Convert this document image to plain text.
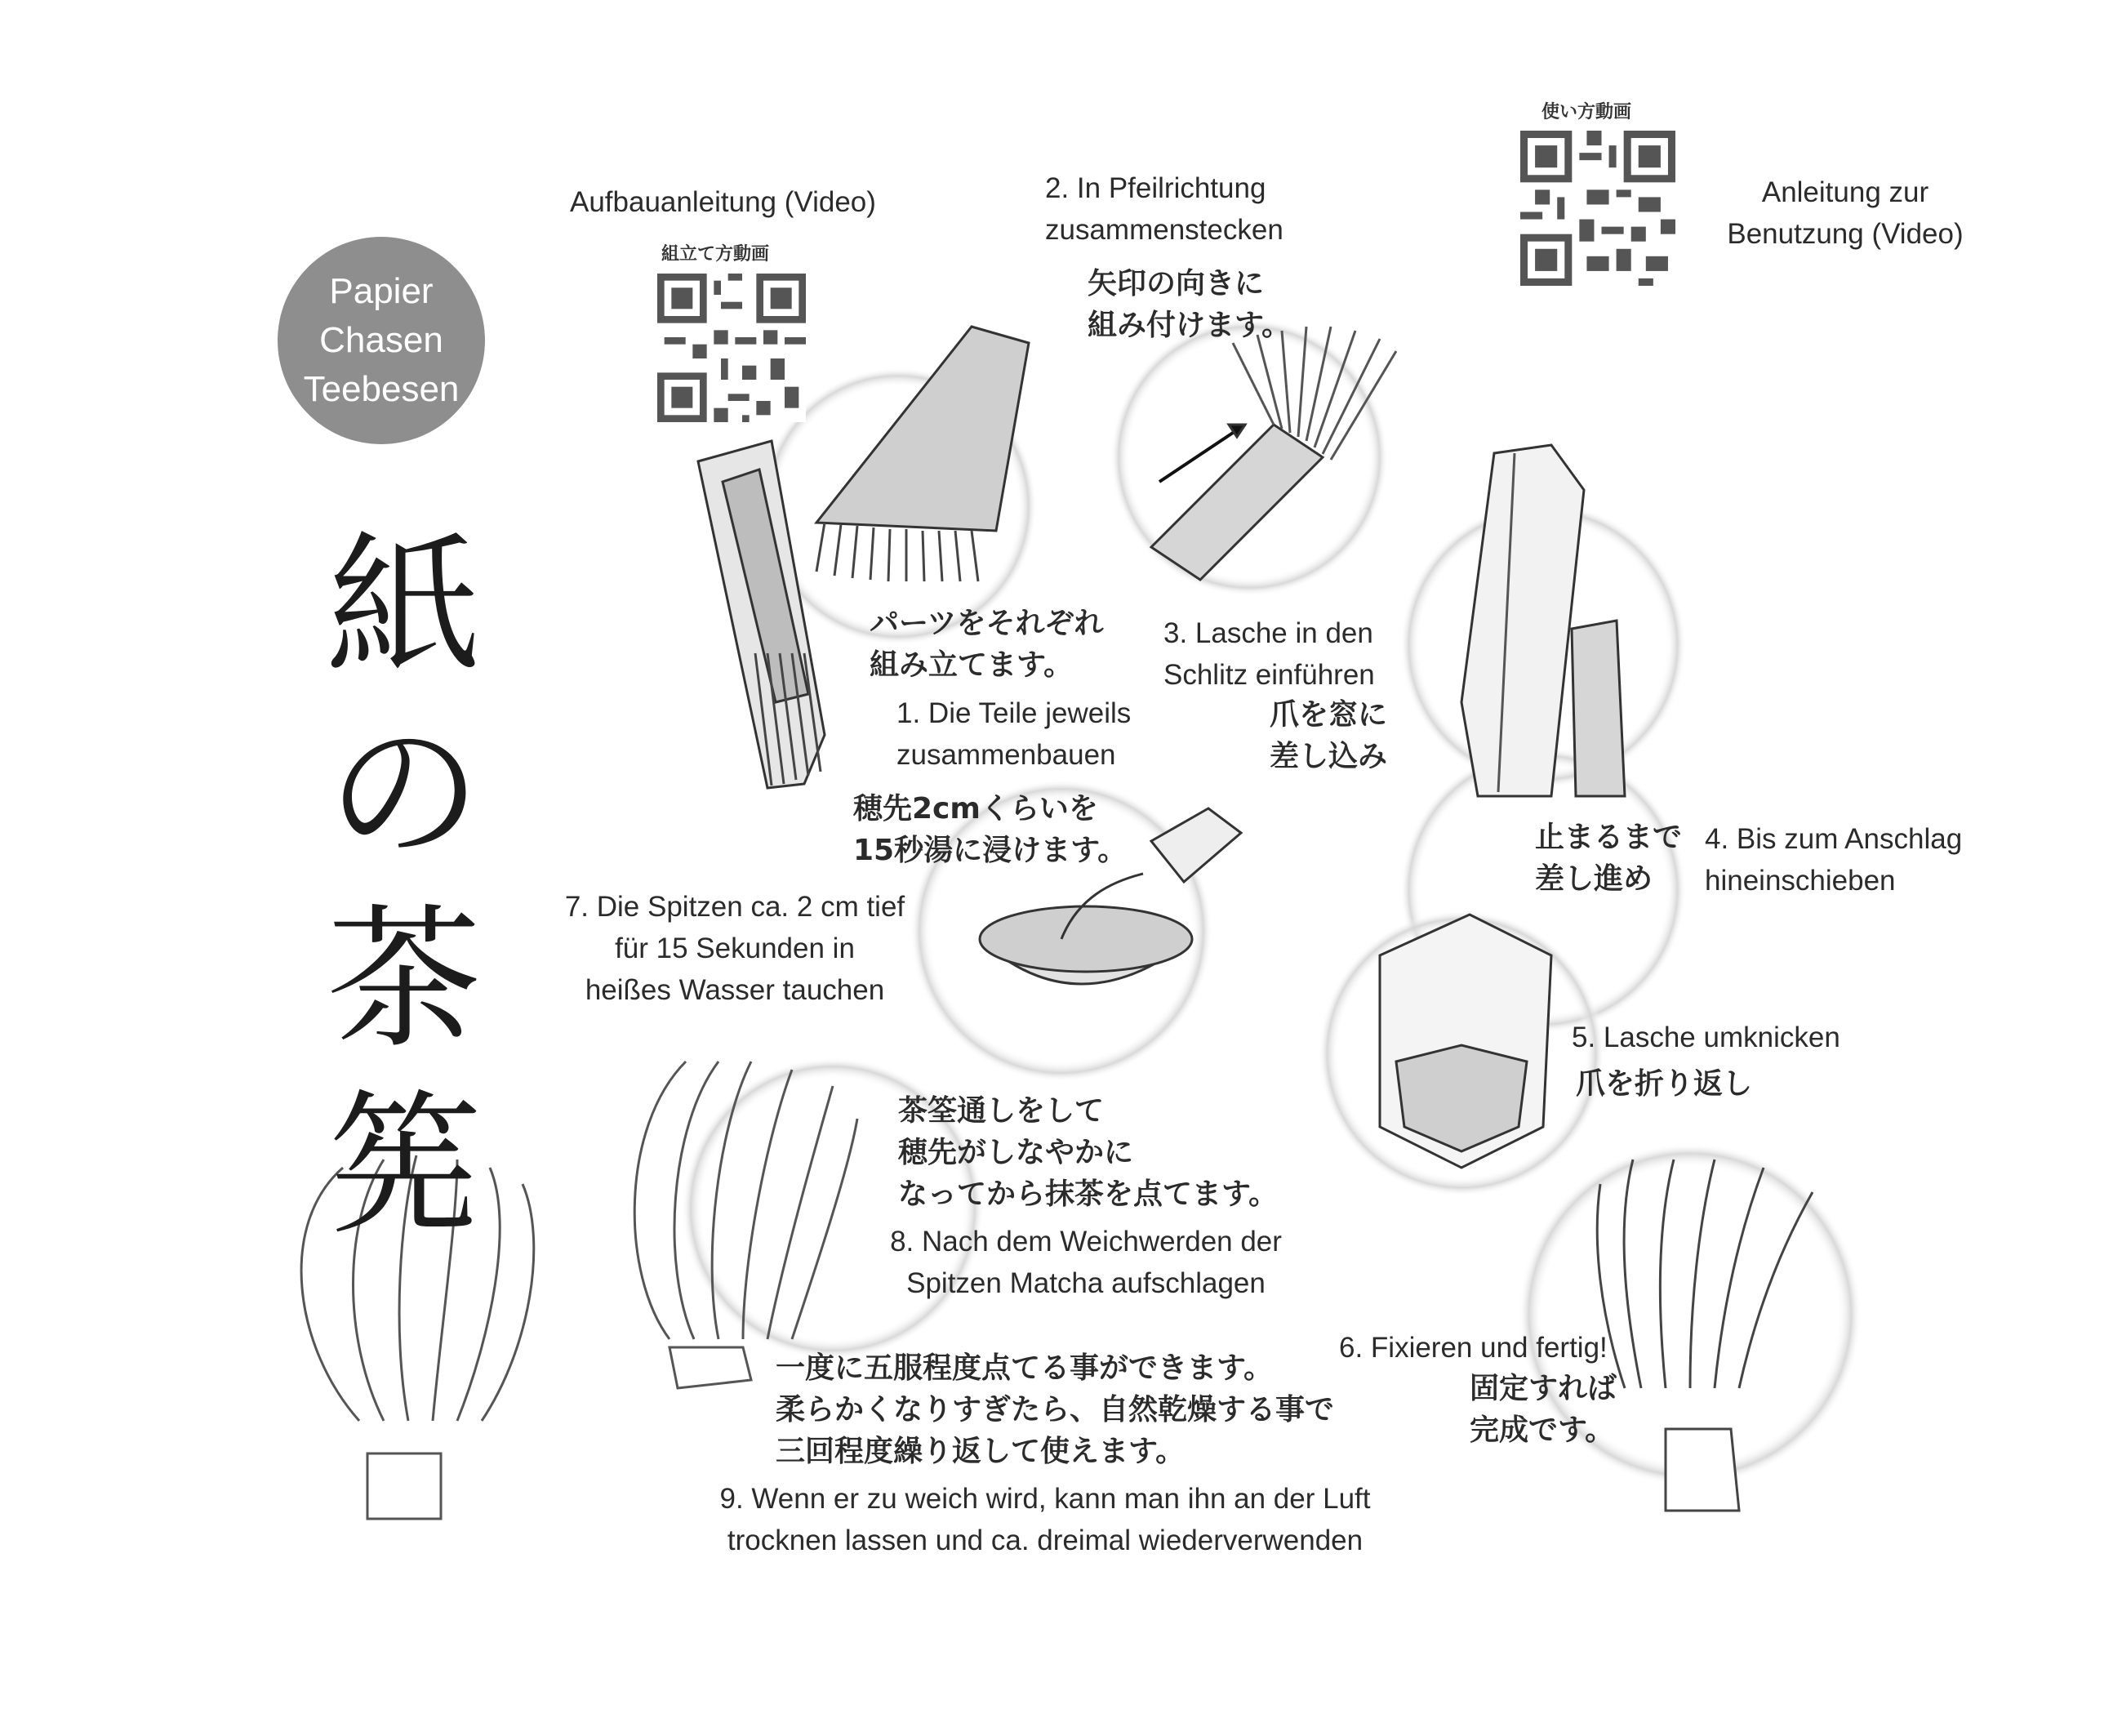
Papier
Chasen
Teebesen
紙
の
茶
筅
Aufbauanleitung (Video)
組立て方動画
使い方動画
Anleitung zur
Benutzung (Video)
パーツをそれぞれ
組み立てます。
1. Die Teile jeweils
zusammenbauen
2. In Pfeilrichtung
zusammenstecken
矢印の向きに
組み付けます。
3. Lasche in den
Schlitz einführen
爪を窓に
差し込み
止まるまで
差し進め
4. Bis zum Anschlag
hineinschieben
5. Lasche umknicken
爪を折り返し
6. Fixieren und fertig!
固定すれば
完成です。
穂先2cmくらいを
15秒湯に浸けます。
7. Die Spitzen ca. 2 cm tief
für 15 Sekunden in
heißes Wasser tauchen
茶筌通しをして
穂先がしなやかに
なってから抹茶を点てます。
8. Nach dem Weichwerden der
Spitzen Matcha aufschlagen
一度に五服程度点てる事ができます。
柔らかくなりすぎたら、自然乾燥する事で
三回程度繰り返して使えます。
9. Wenn er zu weich wird, kann man ihn an der Luft
trocknen lassen und ca. dreimal wiederverwenden
